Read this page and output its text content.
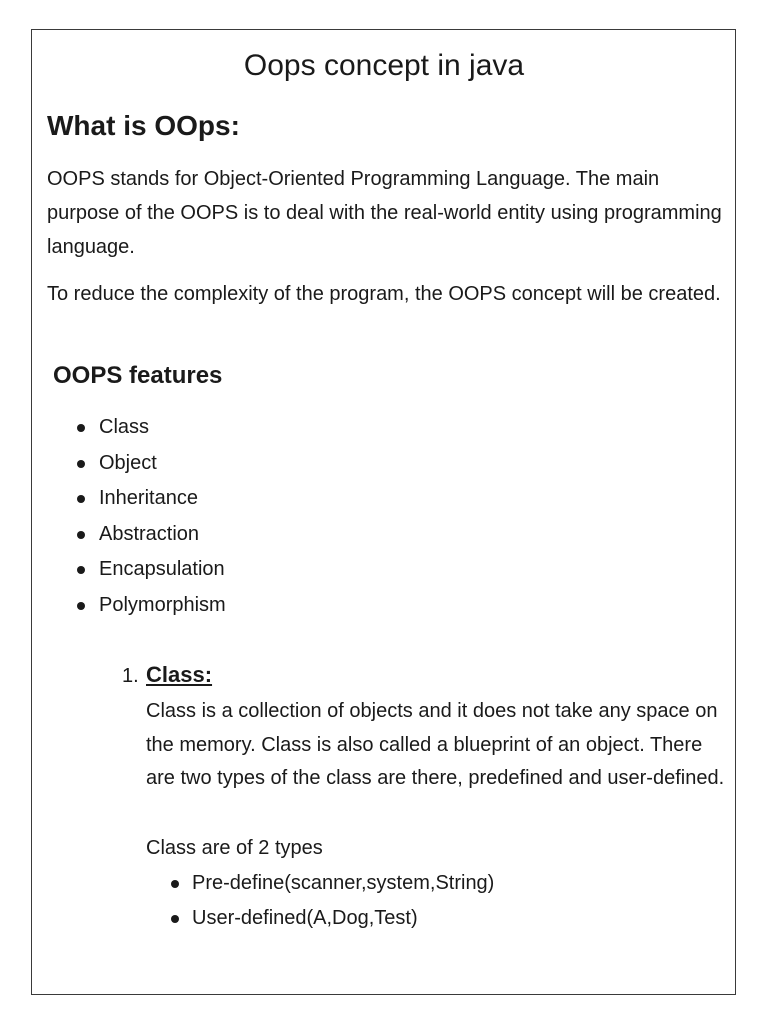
Oops concept in java
What is OOps:

OOPS stands for Object-Oriented Programming Language. The main purpose of the OOPS is to deal with the real-world entity using programming language.

To reduce the complexity of the program, the OOPS concept will be created.

OOPS features
Class
Object
Inheritance
Abstraction
Encapsulation
Polymorphism
1. Class:

Class is a collection of objects and it does not take any space on the memory. Class is also called a blueprint of an object. There are two types of the class are there, predefined and user-defined.

Class are of 2 types
Pre-define(scanner,system,String)
User-defined(A,Dog,Test)
